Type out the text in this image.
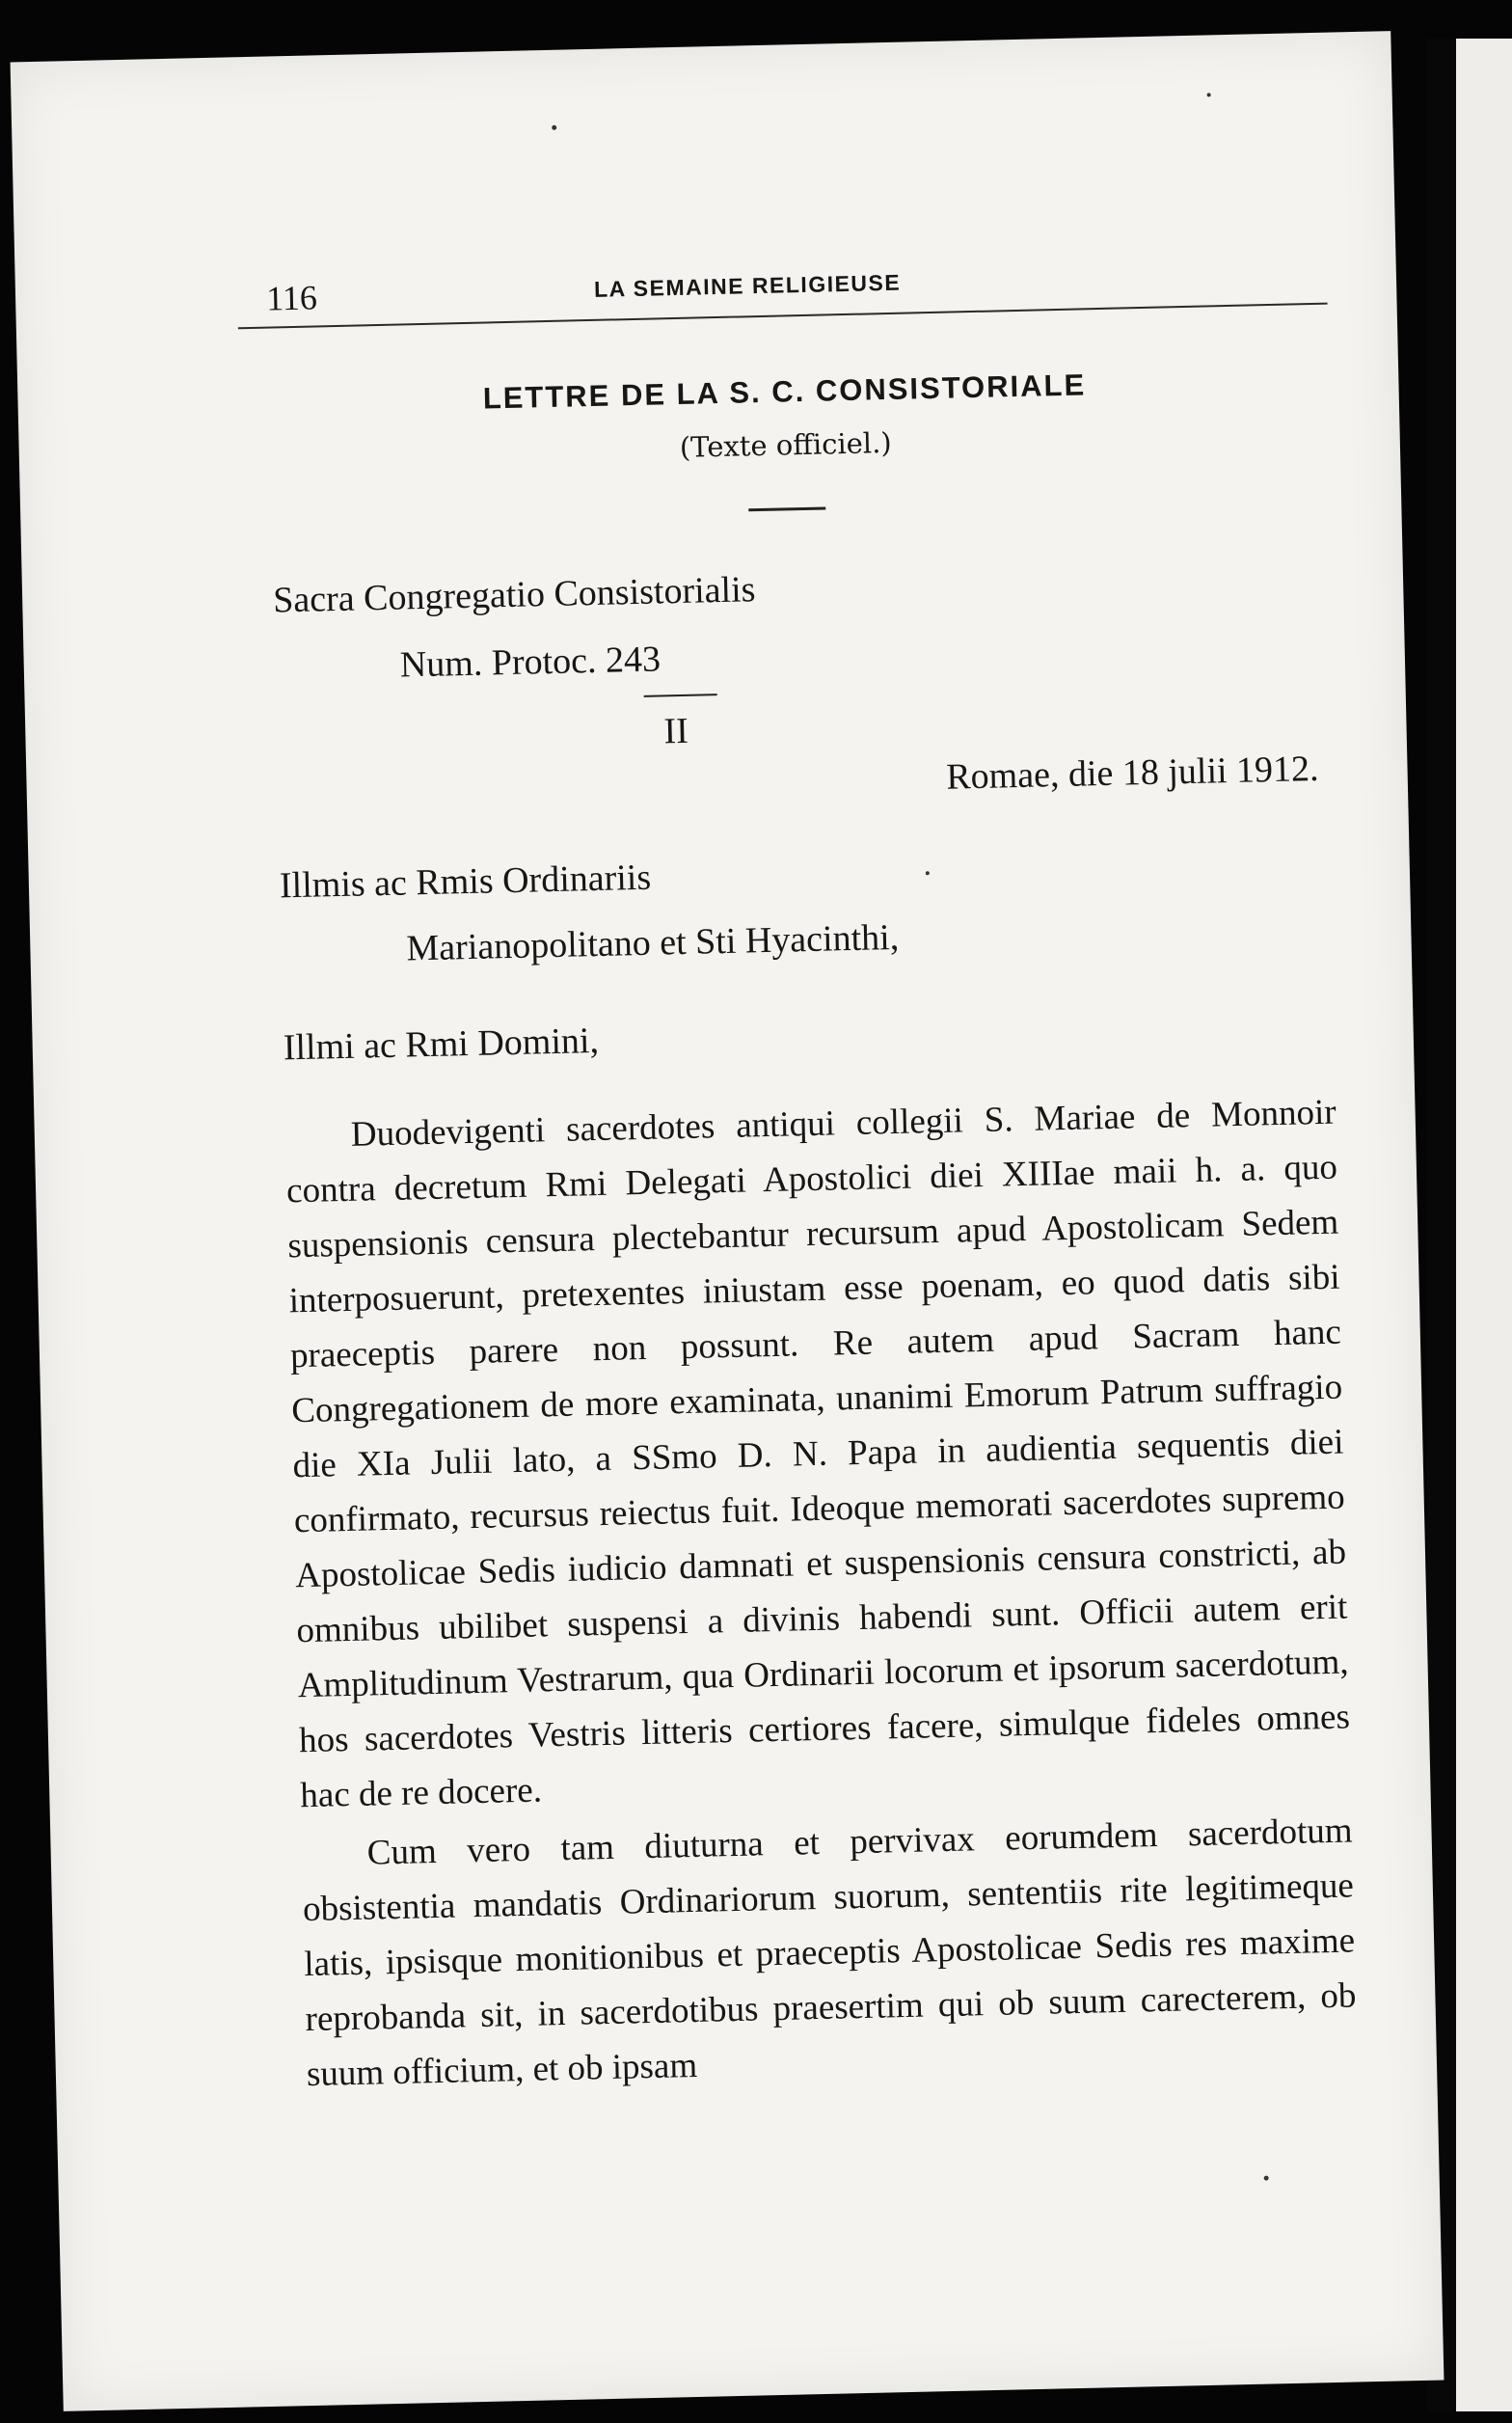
116	LA SEMAINE RELIGIEUSE
LETTRE DE LA S. C. CONSISTORIALE
(Texte officiel.)
Sacra Congregatio Consistorialis
Num. Protoc. 243
II
Romae, die 18 julii 1912.
Illmis ac Rmis Ordinariis
Marianopolitano et Sti Hyacinthi,
Illmi ac Rmi Domini,

Duodevigenti sacerdotes antiqui collegii S. Mariae de Monnoir contra decretum Rmi Delegati Apostolici diei XIIIae maii h. a. quo suspensionis censura plectebantur recursum apud Apostolicam Sedem interposuerunt, pretexentes iniustam esse poenam, eo quod datis sibi praeceptis parere non possunt. Re autem apud Sacram hanc Congregationem de more examinata, unanimi Emorum Patrum suffragio die XIa Julii lato, a SSmo D. N. Papa in audientia sequentis diei confirmato, recursus reiectus fuit. Ideoque memorati sacerdotes supremo Apostolicae Sedis iudicio damnati et suspensionis censura constricti, ab omnibus ubilibet suspensi a divinis habendi sunt. Officii autem erit Amplitudinum Vestrarum, qua Ordinarii locorum et ipsorum sacerdotum, hos sacerdotes Vestris litteris certiores facere, simulque fideles omnes hac de re docere.

Cum vero tam diuturna et pervivax eorumdem sacerdotum obsistentia mandatis Ordinariorum suorum, sententiis rite legitimeque latis, ipsisque monitionibus et praeceptis Apostolicae Sedis res maxime reprobanda sit, in sacerdotibus praesertim qui ob suum carecterem, ob suum officium, et ob ipsam
